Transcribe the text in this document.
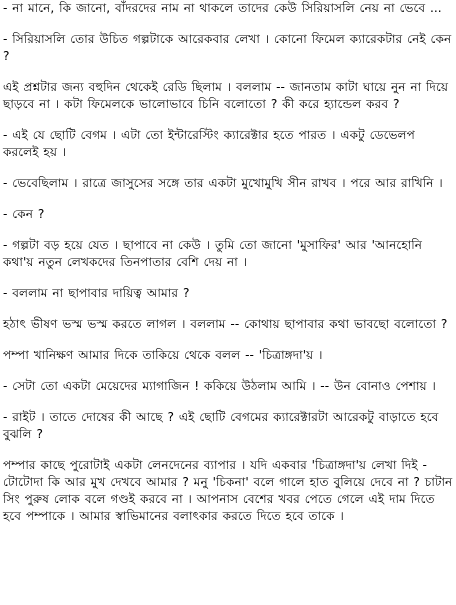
- না মানে, কি জানো, বাঁদরদের নাম না থাকলে তাদের কেউ সিরিয়াসলি নেয় না ভেবে ...

- সিরিয়াসলি তোর উচিত গল্পটাকে আরেকবার লেখা । কোনো ফিমেল ক্যারেকটার নেই কেন ?

এই প্রশ্নটার জন্য বহুদিন থেকেই রেডি ছিলাম । বললাম -- জানতাম কাটা ঘায়ে নুন না দিয়ে ছাড়বে না । কটা ফিমেলকে ভালোভাবে চিনি বলোতো ? কী করে হ্যান্ডেল করব ?

- এই যে ছোটি বেগম । এটা তো ইন্টারেস্টিং ক্যারেক্টার হতে পারত । একটু ডেভেলপ করলেই হয় ।

- ভেবেছিলাম । রাত্রে জাসুসের সঙ্গে তার একটা মুখোমুখি সীন রাখব । পরে আর রাখিনি ।

- কেন ?

- গল্পটা বড় হয়ে যেত । ছাপাবে না কেউ । তুমি তো জানো 'মুসাফির' আর 'আনহোনি কথা'য় নতুন লেখকদের তিনপাতার বেশি দেয় না ।

- বললাম না ছাপাবার দায়িত্ব আমার ?

হঠাৎ ভীষণ ভস্ম ভস্ম করতে লাগল । বললাম -- কোথায় ছাপাবার কথা ভাবছো বলোতো ?

পম্পা খানিক্ষণ আমার দিকে তাকিয়ে থেকে বলল -- 'চিত্রাঙ্গদা'য় ।

- সেটা তো একটা মেয়েদের ম্যাগাজিন ! ককিয়ে উঠলাম আমি । -- উন বোনাও পেশায় ।

- রাইট । তাতে দোষের কী আছে ? এই ছোটি বেগমের ক্যারেক্টারটা আরেকটু বাড়াতে হবে বুঝলি ?

পম্পার কাছে পুরোটাই একটা লেনদেনের ব্যাপার । যদি একবার 'চিত্রাঙ্গদা'য় লেখা দিই - টোটোদা কি আর মুখ দেখবে আমার ? মনু 'চিকনা' বলে গালে হাত বুলিয়ে দেবে না ? চাটান সিং পুরুষ লোক বলে গণ্ডই করবে না । আপনাস বেশের খবর পেতে গেলে এই দাম দিতে হবে পম্পাকে । আমার স্বাভিমানের বলাৎকার করতে দিতে হবে তাকে ।
